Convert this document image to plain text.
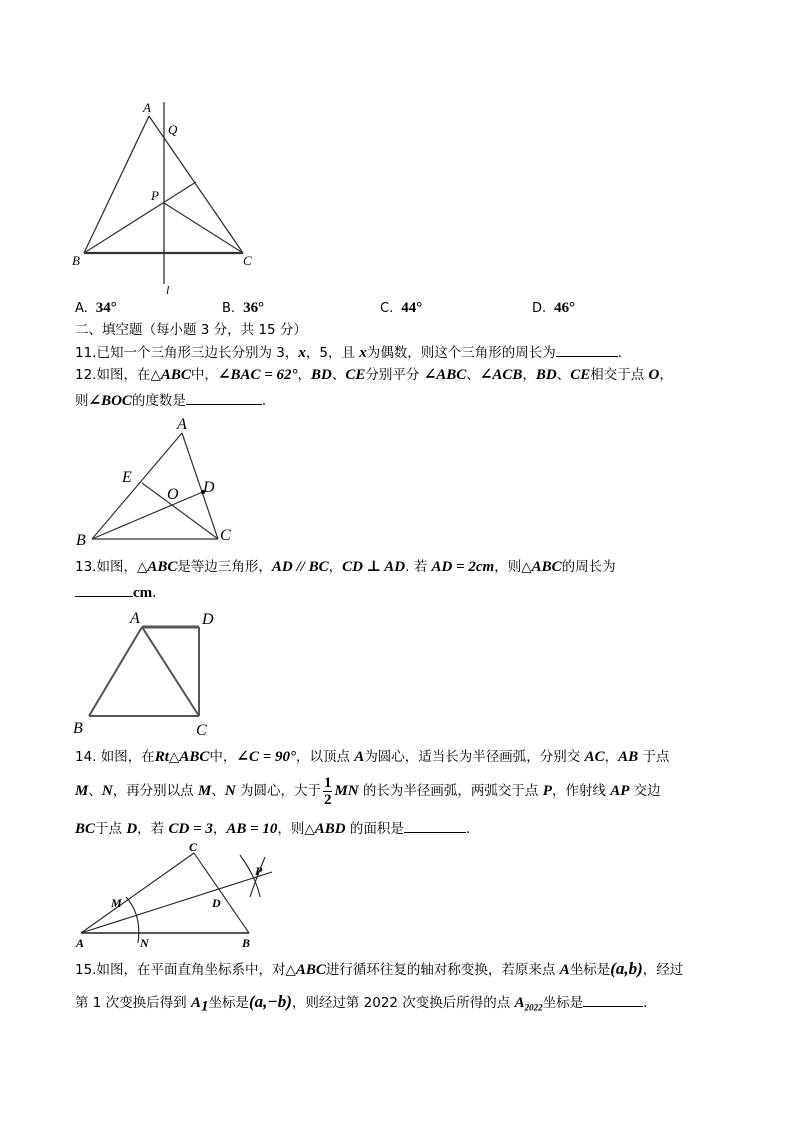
A
Q
P
B	C
l
A. 34°	B. 36°	C. 44°	D. 46°
二、填空题（每小题 3 分，共 15 分）
11.已知一个三角形三边长分别为 3，x，5，且 x为偶数，则这个三角形的周长为	.
12.如图，在△ABC中，∠BAC = 62°，BD、CE分别平分 ∠ABC、∠ACB，BD、CE相交于点 O，
则∠BOC的度数是	.
A
E
O D
B	C
13.如图，△ABC是等边三角形，AD // BC，CD ⊥ AD. 若 AD = 2cm，则△ABC的周长为
cm.
A	D
B	C
14. 如图，在Rt△ABC中，∠C = 90°，以顶点 A为圆心，适当长为半径画弧，分别交 AC，AB 于点
M、N，再分别以点 M、N 为圆心，大于 $\frac{1}{2}$ MN 的长为半径画弧，两弧交于点 P，作射线 AP 交边
BC于点 D，若 CD = 3，AB = 10，则△ABD 的面积是	.
C
P
M	D
A	N	B
15.如图，在平面直角坐标系中，对△ABC进行循环往复的轴对称变换，若原来点 A坐标是(a,b)，经过
第 1 次变换后得到 $A_1$坐标是(a,−b)，则经过第 2022 次变换后所得的点 $A_{2022}$坐标是	.
